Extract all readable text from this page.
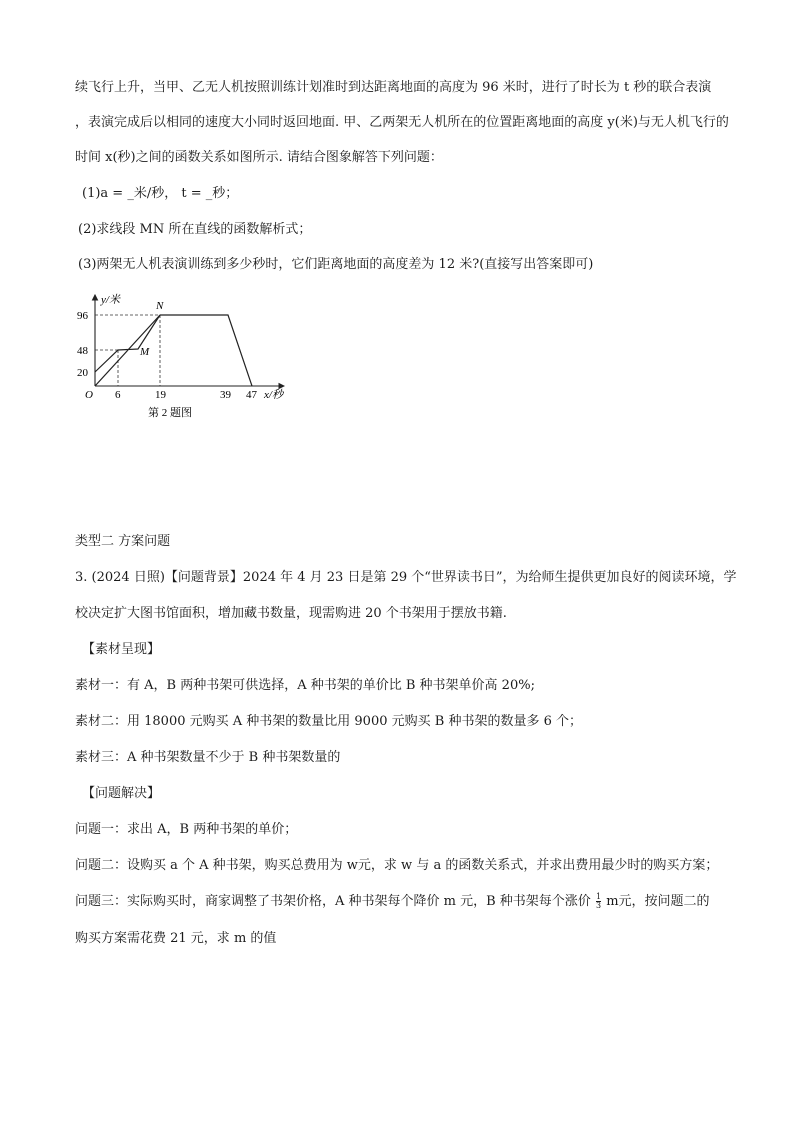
续飞行上升，当甲、乙无人机按照训练计划准时到达距离地面的高度为 96 米时，进行了时长为 t 秒的联合表演
，表演完成后以相同的速度大小同时返回地面. 甲、乙两架无人机所在的位置距离地面的高度 y(米)与无人机飞行的
时间 x(秒)之间的函数关系如图所示. 请结合图象解答下列问题：
(1)a = _米/秒， t = _秒；
(2)求线段 MN 所在直线的函数解析式；
(3)两架无人机表演训练到多少秒时，它们距离地面的高度差为 12 米?(直接写出答案即可)
y/米
x/秒
O
96
48
20
6	19	39 47
N
M
第 2 题图
类型二 方案问题
3. (2024 日照)【问题背景】2024 年 4 月 23 日是第 29 个“世界读书日”，为给师生提供更加良好的阅读环境，学
校决定扩大图书馆面积，增加藏书数量，现需购进 20 个书架用于摆放书籍.
【素材呈现】
素材一：有 A，B 两种书架可供选择，A 种书架的单价比 B 种书架单价高 20%;
素材二：用 18000 元购买 A 种书架的数量比用 9000 元购买 B 种书架的数量多 6 个；
素材三：A 种书架数量不少于 B 种书架数量的
【问题解决】
问题一：求出 A，B 两种书架的单价；
问题二：设购买 a 个 A 种书架，购买总费用为 w元，求 w 与 a 的函数关系式，并求出费用最少时的购买方案；
问题三：实际购买时，商家调整了书架价格，A 种书架每个降价 m 元，B 种书架每个涨价 $\frac{1}{3}$ m元，按问题二的
购买方案需花费 21 元，求 m 的值
